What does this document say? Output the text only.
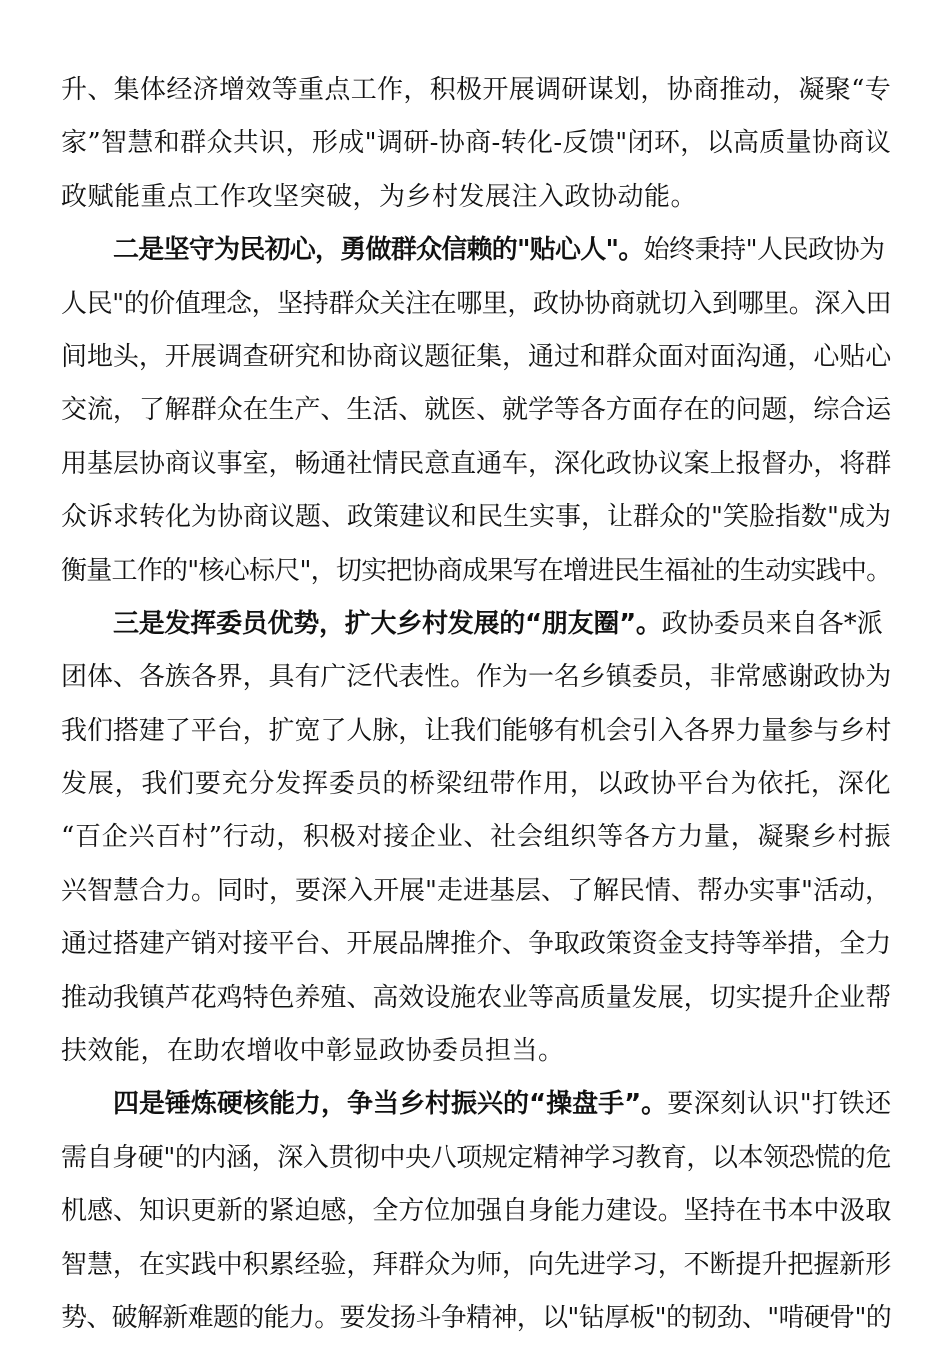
升、集体经济增效等重点工作，积极开展调研谋划，协商推动，凝聚“专
家”智慧和群众共识，形成"调研-协商-转化-反馈"闭环，以高质量协商议
政赋能重点工作攻坚突破，为乡村发展注入政协动能。
二是坚守为民初心，勇做群众信赖的"贴心人"。始终秉持"人民政协为
人民"的价值理念，坚持群众关注在哪里，政协协商就切入到哪里。深入田
间地头，开展调查研究和协商议题征集，通过和群众面对面沟通，心贴心
交流，了解群众在生产、生活、就医、就学等各方面存在的问题，综合运
用基层协商议事室，畅通社情民意直通车，深化政协议案上报督办，将群
众诉求转化为协商议题、政策建议和民生实事，让群众的"笑脸指数"成为
衡量工作的"核心标尺"，切实把协商成果写在增进民生福祉的生动实践中。
三是发挥委员优势，扩大乡村发展的“朋友圈”。政协委员来自各*派
团体、各族各界，具有广泛代表性。作为一名乡镇委员，非常感谢政协为
我们搭建了平台，扩宽了人脉，让我们能够有机会引入各界力量参与乡村
发展，我们要充分发挥委员的桥梁纽带作用，以政协平台为依托，深化
“百企兴百村”行动，积极对接企业、社会组织等各方力量，凝聚乡村振
兴智慧合力。同时，要深入开展"走进基层、了解民情、帮办实事"活动，
通过搭建产销对接平台、开展品牌推介、争取政策资金支持等举措，全力
推动我镇芦花鸡特色养殖、高效设施农业等高质量发展，切实提升企业帮
扶效能，在助农增收中彰显政协委员担当。
四是锤炼硬核能力，争当乡村振兴的“操盘手”。要深刻认识"打铁还
需自身硬"的内涵，深入贯彻中央八项规定精神学习教育，以本领恐慌的危
机感、知识更新的紧迫感，全方位加强自身能力建设。坚持在书本中汲取
智慧，在实践中积累经验，拜群众为师，向先进学习，不断提升把握新形
势、破解新难题的能力。要发扬斗争精神，以"钻厚板"的韧劲、"啃硬骨"的
